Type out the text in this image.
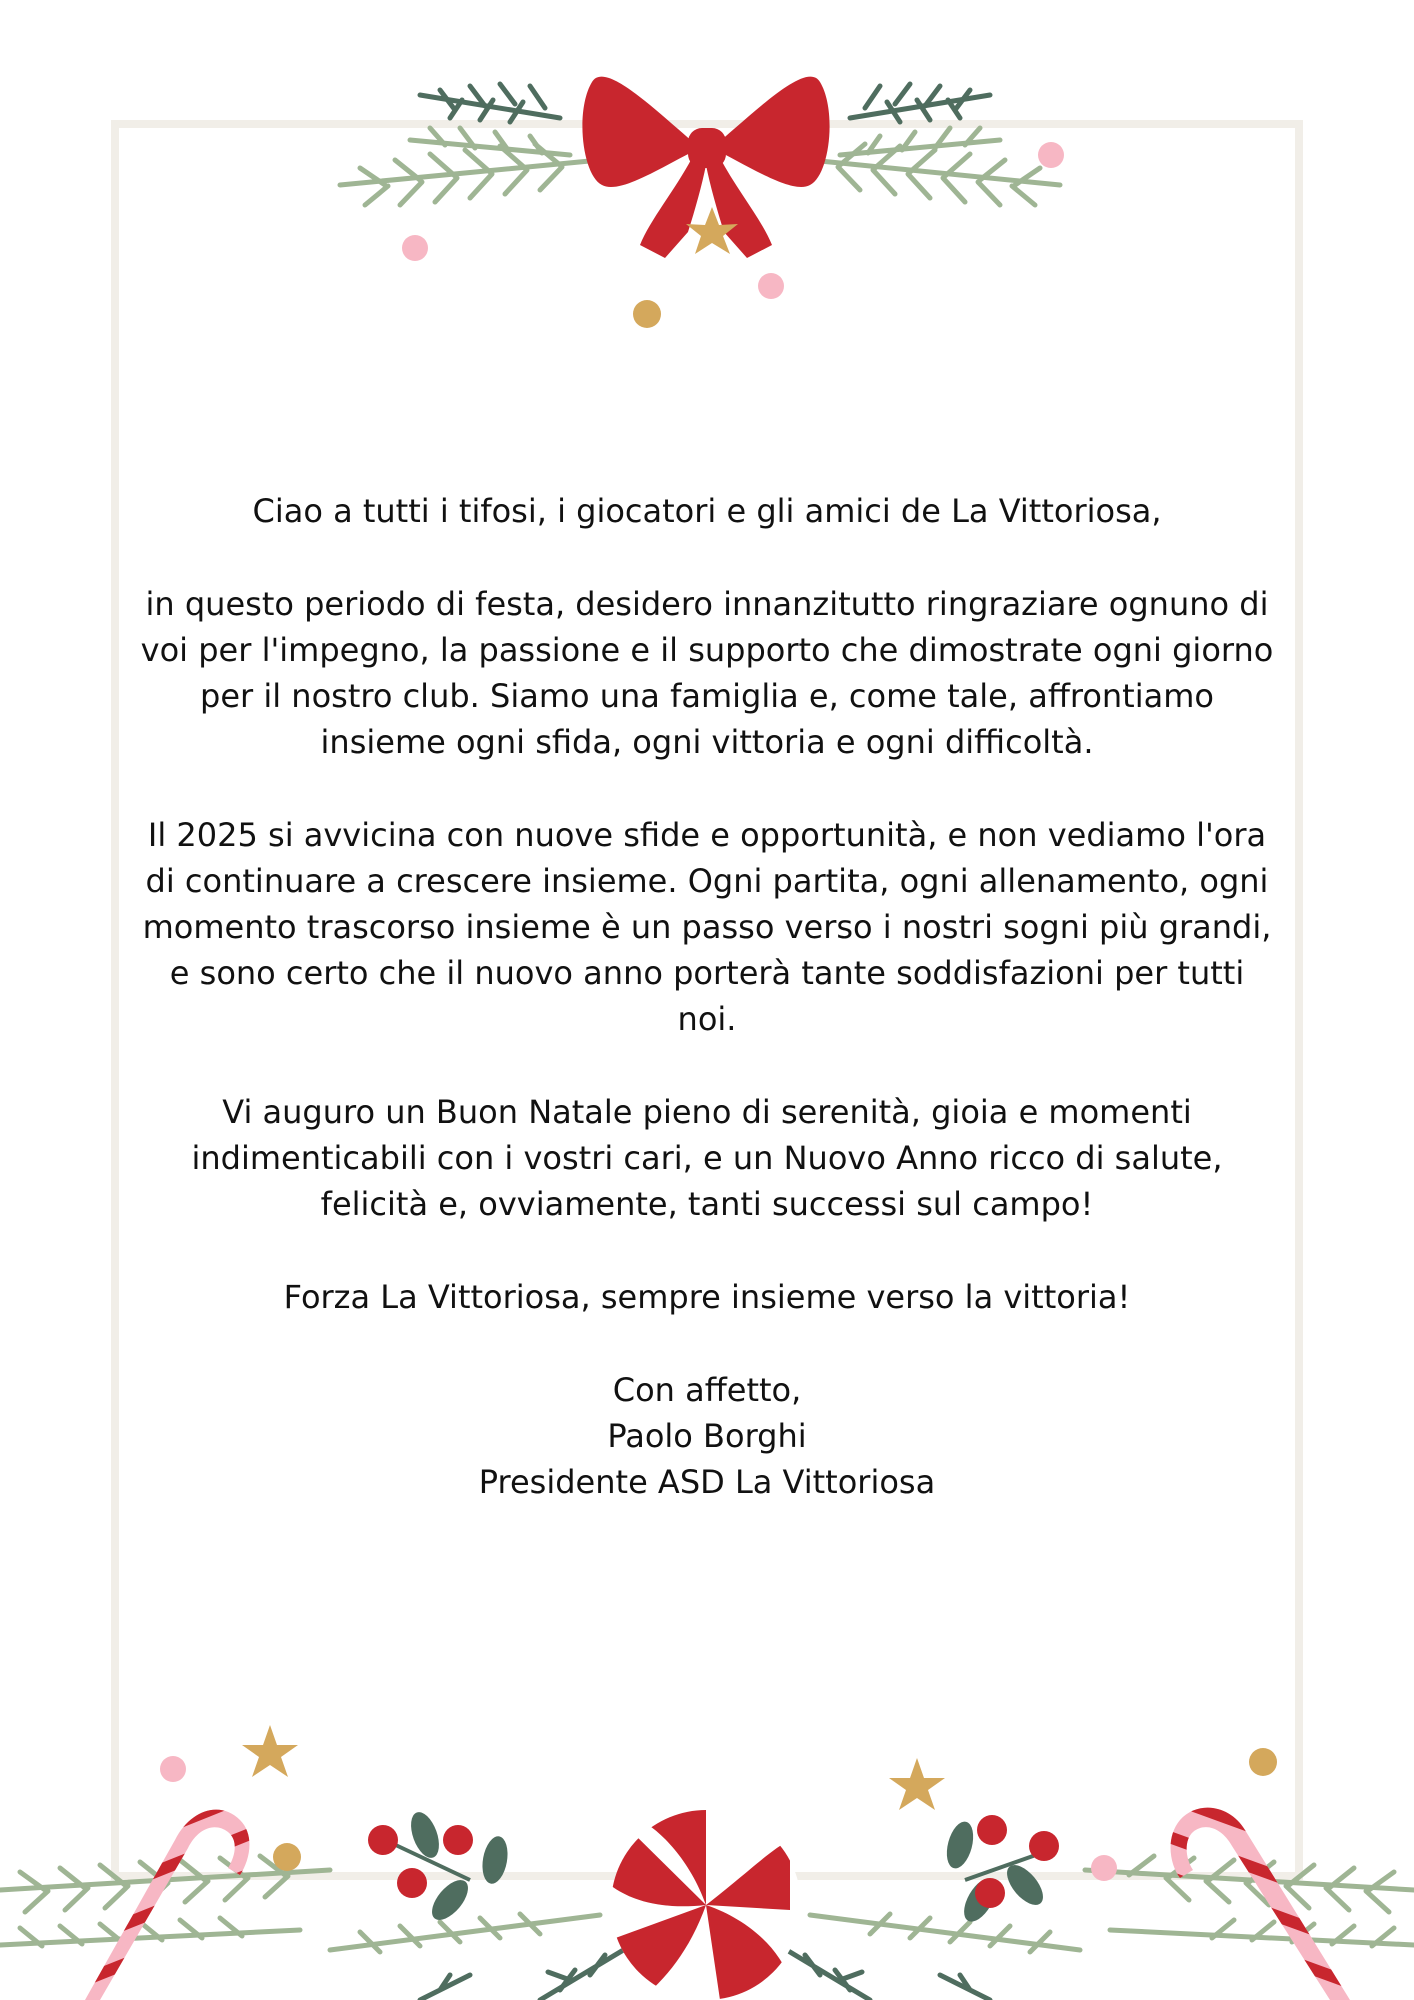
Ciao a tutti i tifosi, i giocatori e gli amici de La Vittoriosa,

in questo periodo di festa, desidero innanzitutto ringraziare ognuno di
voi per l'impegno, la passione e il supporto che dimostrate ogni giorno
per il nostro club. Siamo una famiglia e, come tale, affrontiamo
insieme ogni sfida, ogni vittoria e ogni difficoltà.

Il 2025 si avvicina con nuove sfide e opportunità, e non vediamo l'ora
di continuare a crescere insieme. Ogni partita, ogni allenamento, ogni
momento trascorso insieme è un passo verso i nostri sogni più grandi,
e sono certo che il nuovo anno porterà tante soddisfazioni per tutti
noi.

Vi auguro un Buon Natale pieno di serenità, gioia e momenti
indimenticabili con i vostri cari, e un Nuovo Anno ricco di salute,
felicità e, ovviamente, tanti successi sul campo!

Forza La Vittoriosa, sempre insieme verso la vittoria!

Con affetto,
Paolo Borghi
Presidente ASD La Vittoriosa
